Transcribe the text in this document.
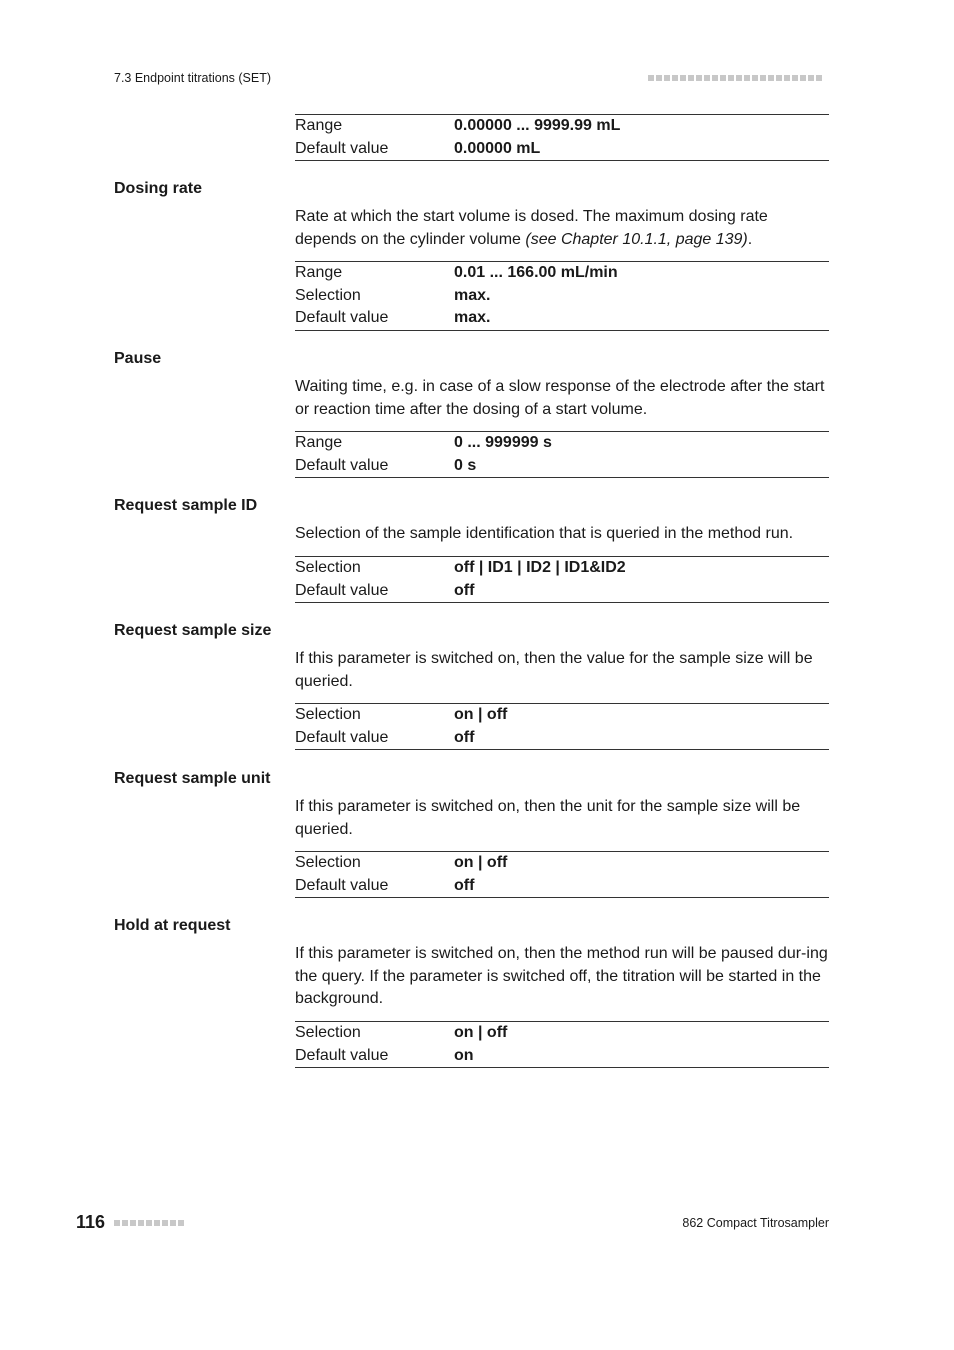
7.3 Endpoint titrations (SET)
Range	0.00000 ... 9999.99 mL
Default value	0.00000 mL
Dosing rate
Rate at which the start volume is dosed. The maximum dosing rate depends on the cylinder volume (see Chapter 10.1.1, page 139).
Range	0.01 ... 166.00 mL/min
Selection	max.
Default value	max.
Pause
Waiting time, e.g. in case of a slow response of the electrode after the start or reaction time after the dosing of a start volume.
Range	0 ... 999999 s
Default value	0 s
Request sample ID
Selection of the sample identification that is queried in the method run.
Selection	off | ID1 | ID2 | ID1&ID2
Default value	off
Request sample size
If this parameter is switched on, then the value for the sample size will be queried.
Selection	on | off
Default value	off
Request sample unit
If this parameter is switched on, then the unit for the sample size will be queried.
Selection	on | off
Default value	off
Hold at request
If this parameter is switched on, then the method run will be paused dur-ing the query. If the parameter is switched off, the titration will be started in the background.
Selection	on | off
Default value	on
116	862 Compact Titrosampler
